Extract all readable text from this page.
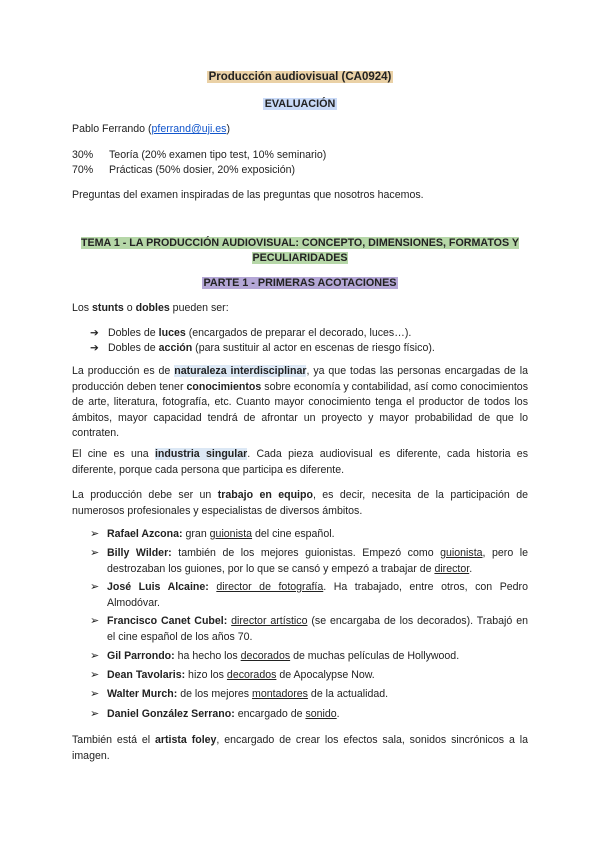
Producción audiovisual (CA0924)
EVALUACIÓN

Pablo Ferrando (pferrand@uji.es)

30% Teoría (20% examen tipo test, 10% seminario)
70% Prácticas (50% dosier, 20% exposición)

Preguntas del examen inspiradas de las preguntas que nosotros hacemos.

TEMA 1 - LA PRODUCCIÓN AUDIOVISUAL: CONCEPTO, DIMENSIONES, FORMATOS Y PECULIARIDADES
PARTE 1 - PRIMERAS ACOTACIONES

Los stunts o dobles pueden ser:

➔ Dobles de luces (encargados de preparar el decorado, luces…).
➔ Dobles de acción (para sustituir al actor en escenas de riesgo físico).

La producción es de naturaleza interdisciplinar, ya que todas las personas encargadas de la producción deben tener conocimientos sobre economía y contabilidad, así como conocimientos de arte, literatura, fotografía, etc. Cuanto mayor conocimiento tenga el productor de todos los ámbitos, mayor capacidad tendrá de afrontar un proyecto y mayor probabilidad de que lo contraten.

El cine es una industria singular. Cada pieza audiovisual es diferente, cada historia es diferente, porque cada persona que participa es diferente.

La producción debe ser un trabajo en equipo, es decir, necesita de la participación de numerosos profesionales y especialistas de diversos ámbitos.

➢ Rafael Azcona: gran guionista del cine español.
➢ Billy Wilder: también de los mejores guionistas. Empezó como guionista, pero le destrozaban los guiones, por lo que se cansó y empezó a trabajar de director.
➢ José Luis Alcaine: director de fotografía. Ha trabajado, entre otros, con Pedro Almodóvar.
➢ Francisco Canet Cubel: director artístico (se encargaba de los decorados). Trabajó en el cine español de los años 70.
➢ Gil Parrondo: ha hecho los decorados de muchas películas de Hollywood.
➢ Dean Tavolaris: hizo los decorados de Apocalypse Now.
➢ Walter Murch: de los mejores montadores de la actualidad.
➢ Daniel González Serrano: encargado de sonido.

También está el artista foley, encargado de crear los efectos sala, sonidos sincrónicos a la imagen.
